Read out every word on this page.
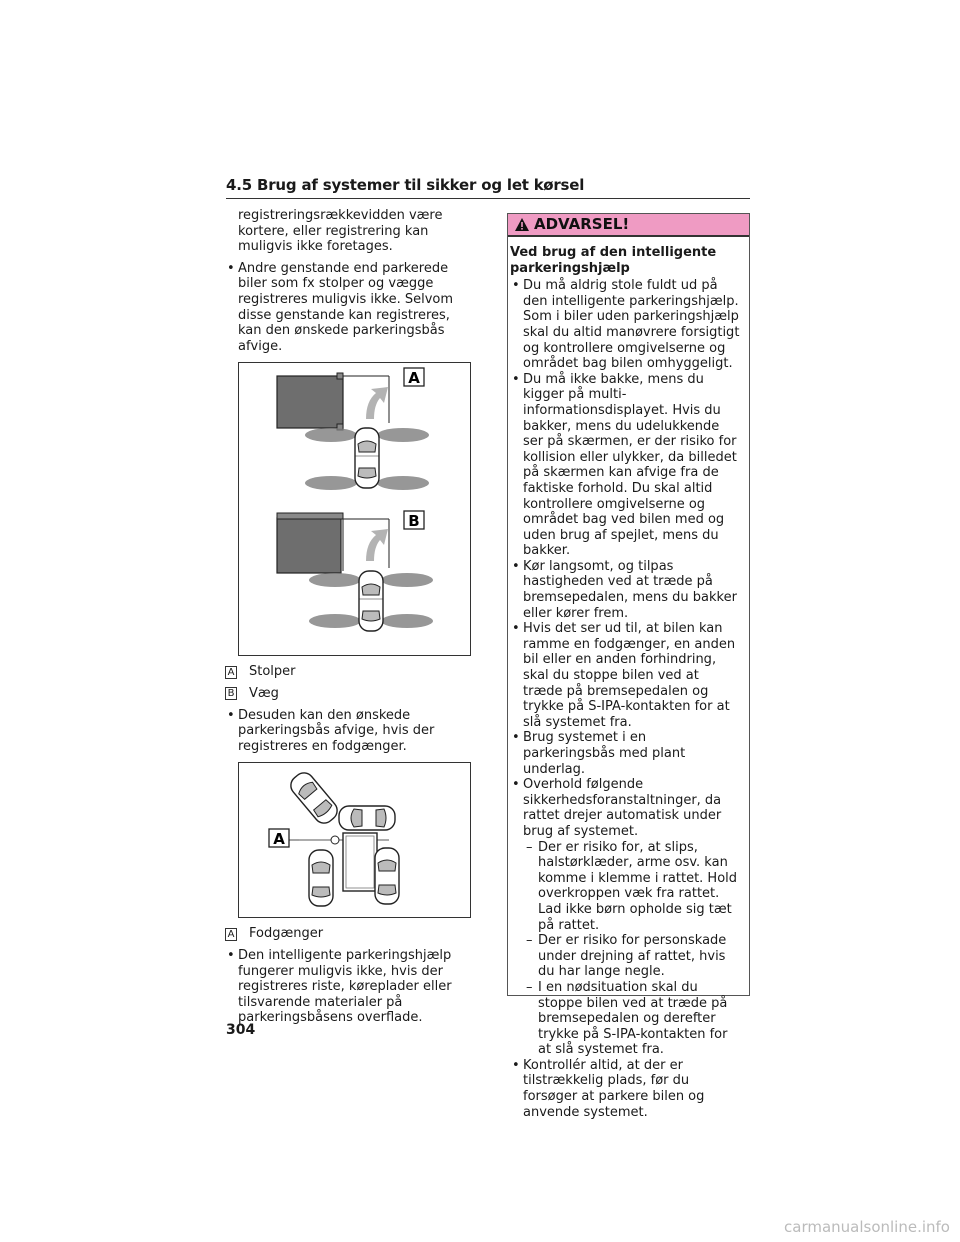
4.5 Brug af systemer til sikker og let kørsel

registreringsrækkevidden være kortere, eller registrering kan muligvis ikke foretages.

• Andre genstande end parkerede biler som fx stolper og vægge registreres muligvis ikke. Selvom disse genstande kan registreres, kan den ønskede parkeringsbås afvige.

A
B
A Stolper
B Væg

• Desuden kan den ønskede parkeringsbås afvige, hvis der registreres en fodgænger.

A
A Fodgænger

• Den intelligente parkeringshjælp fungerer muligvis ikke, hvis der registreres riste, køreplader eller tilsvarende materialer på parkeringsbåsens overflade.

ADVARSEL!
Ved brug af den intelligente parkeringshjælp
• Du må aldrig stole fuldt ud på den intelligente parkeringshjælp. Som i biler uden parkeringshjælp skal du altid manøvrere forsigtigt og kontrollere omgivelserne og området bag bilen omhyggeligt.
• Du må ikke bakke, mens du kigger på multi-informationsdisplayet. Hvis du bakker, mens du udelukkende ser på skærmen, er der risiko for kollision eller ulykker, da billedet på skærmen kan afvige fra de faktiske forhold. Du skal altid kontrollere omgivelserne og området bag ved bilen med og uden brug af spejlet, mens du bakker.
• Kør langsomt, og tilpas hastigheden ved at træde på bremsepedalen, mens du bakker eller kører frem.
• Hvis det ser ud til, at bilen kan ramme en fodgænger, en anden bil eller en anden forhindring, skal du stoppe bilen ved at træde på bremsepedalen og trykke på S-IPA-kontakten for at slå systemet fra.
• Brug systemet i en parkeringsbås med plant underlag.
• Overhold følgende sikkerhedsforanstaltninger, da rattet drejer automatisk under brug af systemet.
– Der er risiko for, at slips, halstørklæder, arme osv. kan komme i klemme i rattet. Hold overkroppen væk fra rattet. Lad ikke børn opholde sig tæt på rattet.
– Der er risiko for personskade under drejning af rattet, hvis du har lange negle.
– I en nødsituation skal du stoppe bilen ved at træde på bremsepedalen og derefter trykke på S-IPA-kontakten for at slå systemet fra.
• Kontrollér altid, at der er tilstrækkelig plads, før du forsøger at parkere bilen og anvende systemet.
304
carmanualsonline.info
